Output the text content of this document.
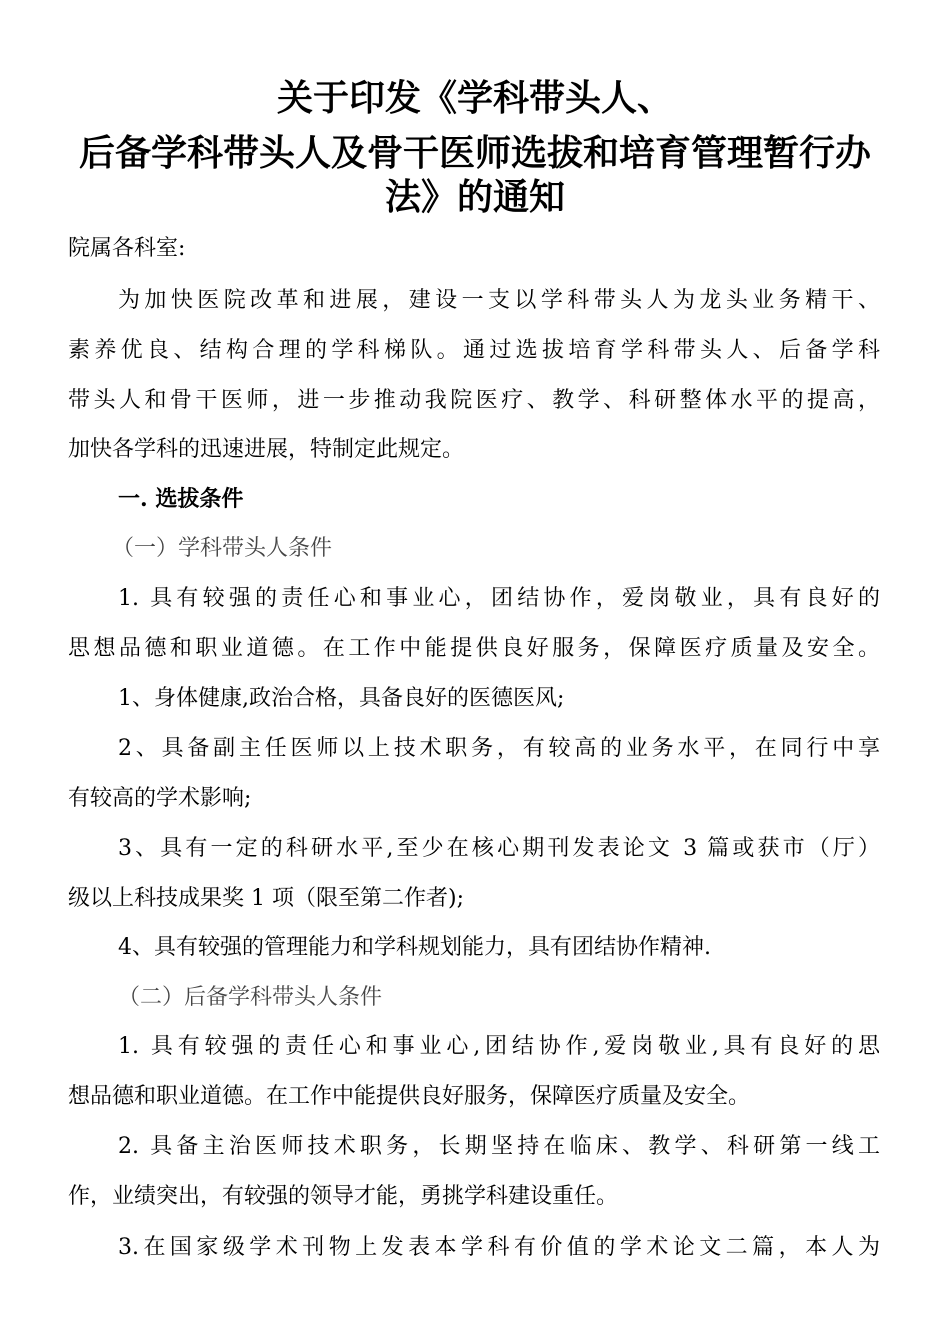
关于印发《学科带头人、
后备学科带头人及骨干医师选拔和培育管理暂行办
法》的通知
院属各科室:
为加快医院改革和进展，建设一支以学科带头人为龙头业务精干、
素养优良、结构合理的学科梯队。通过选拔培育学科带头人、后备学科
带头人和骨干医师，进一步推动我院医疗、教学、科研整体水平的提高，
加快各学科的迅速进展，特制定此规定。
一. 选拔条件
（一）学科带头人条件
1. 具有较强的责任心和事业心，团结协作，爱岗敬业，具有良好的
思想品德和职业道德。在工作中能提供良好服务，保障医疗质量及安全。
1、身体健康,政治合格，具备良好的医德医风;
2、具备副主任医师以上技术职务，有较高的业务水平，在同行中享
有较高的学术影响;
3、具有一定的科研水平,至少在核心期刊发表论文 3 篇或获市（厅）
级以上科技成果奖 1 项（限至第二作者);
4、具有较强的管理能力和学科规划能力，具有团结协作精神.
（二）后备学科带头人条件
1. 具有较强的责任心和事业心,团结协作,爱岗敬业,具有良好的思
想品德和职业道德。在工作中能提供良好服务，保障医疗质量及安全。
2. 具备主治医师技术职务，长期坚持在临床、教学、科研第一线工
作，业绩突出，有较强的领导才能，勇挑学科建设重任。
3.在国家级学术刊物上发表本学科有价值的学术论文二篇，本人为
